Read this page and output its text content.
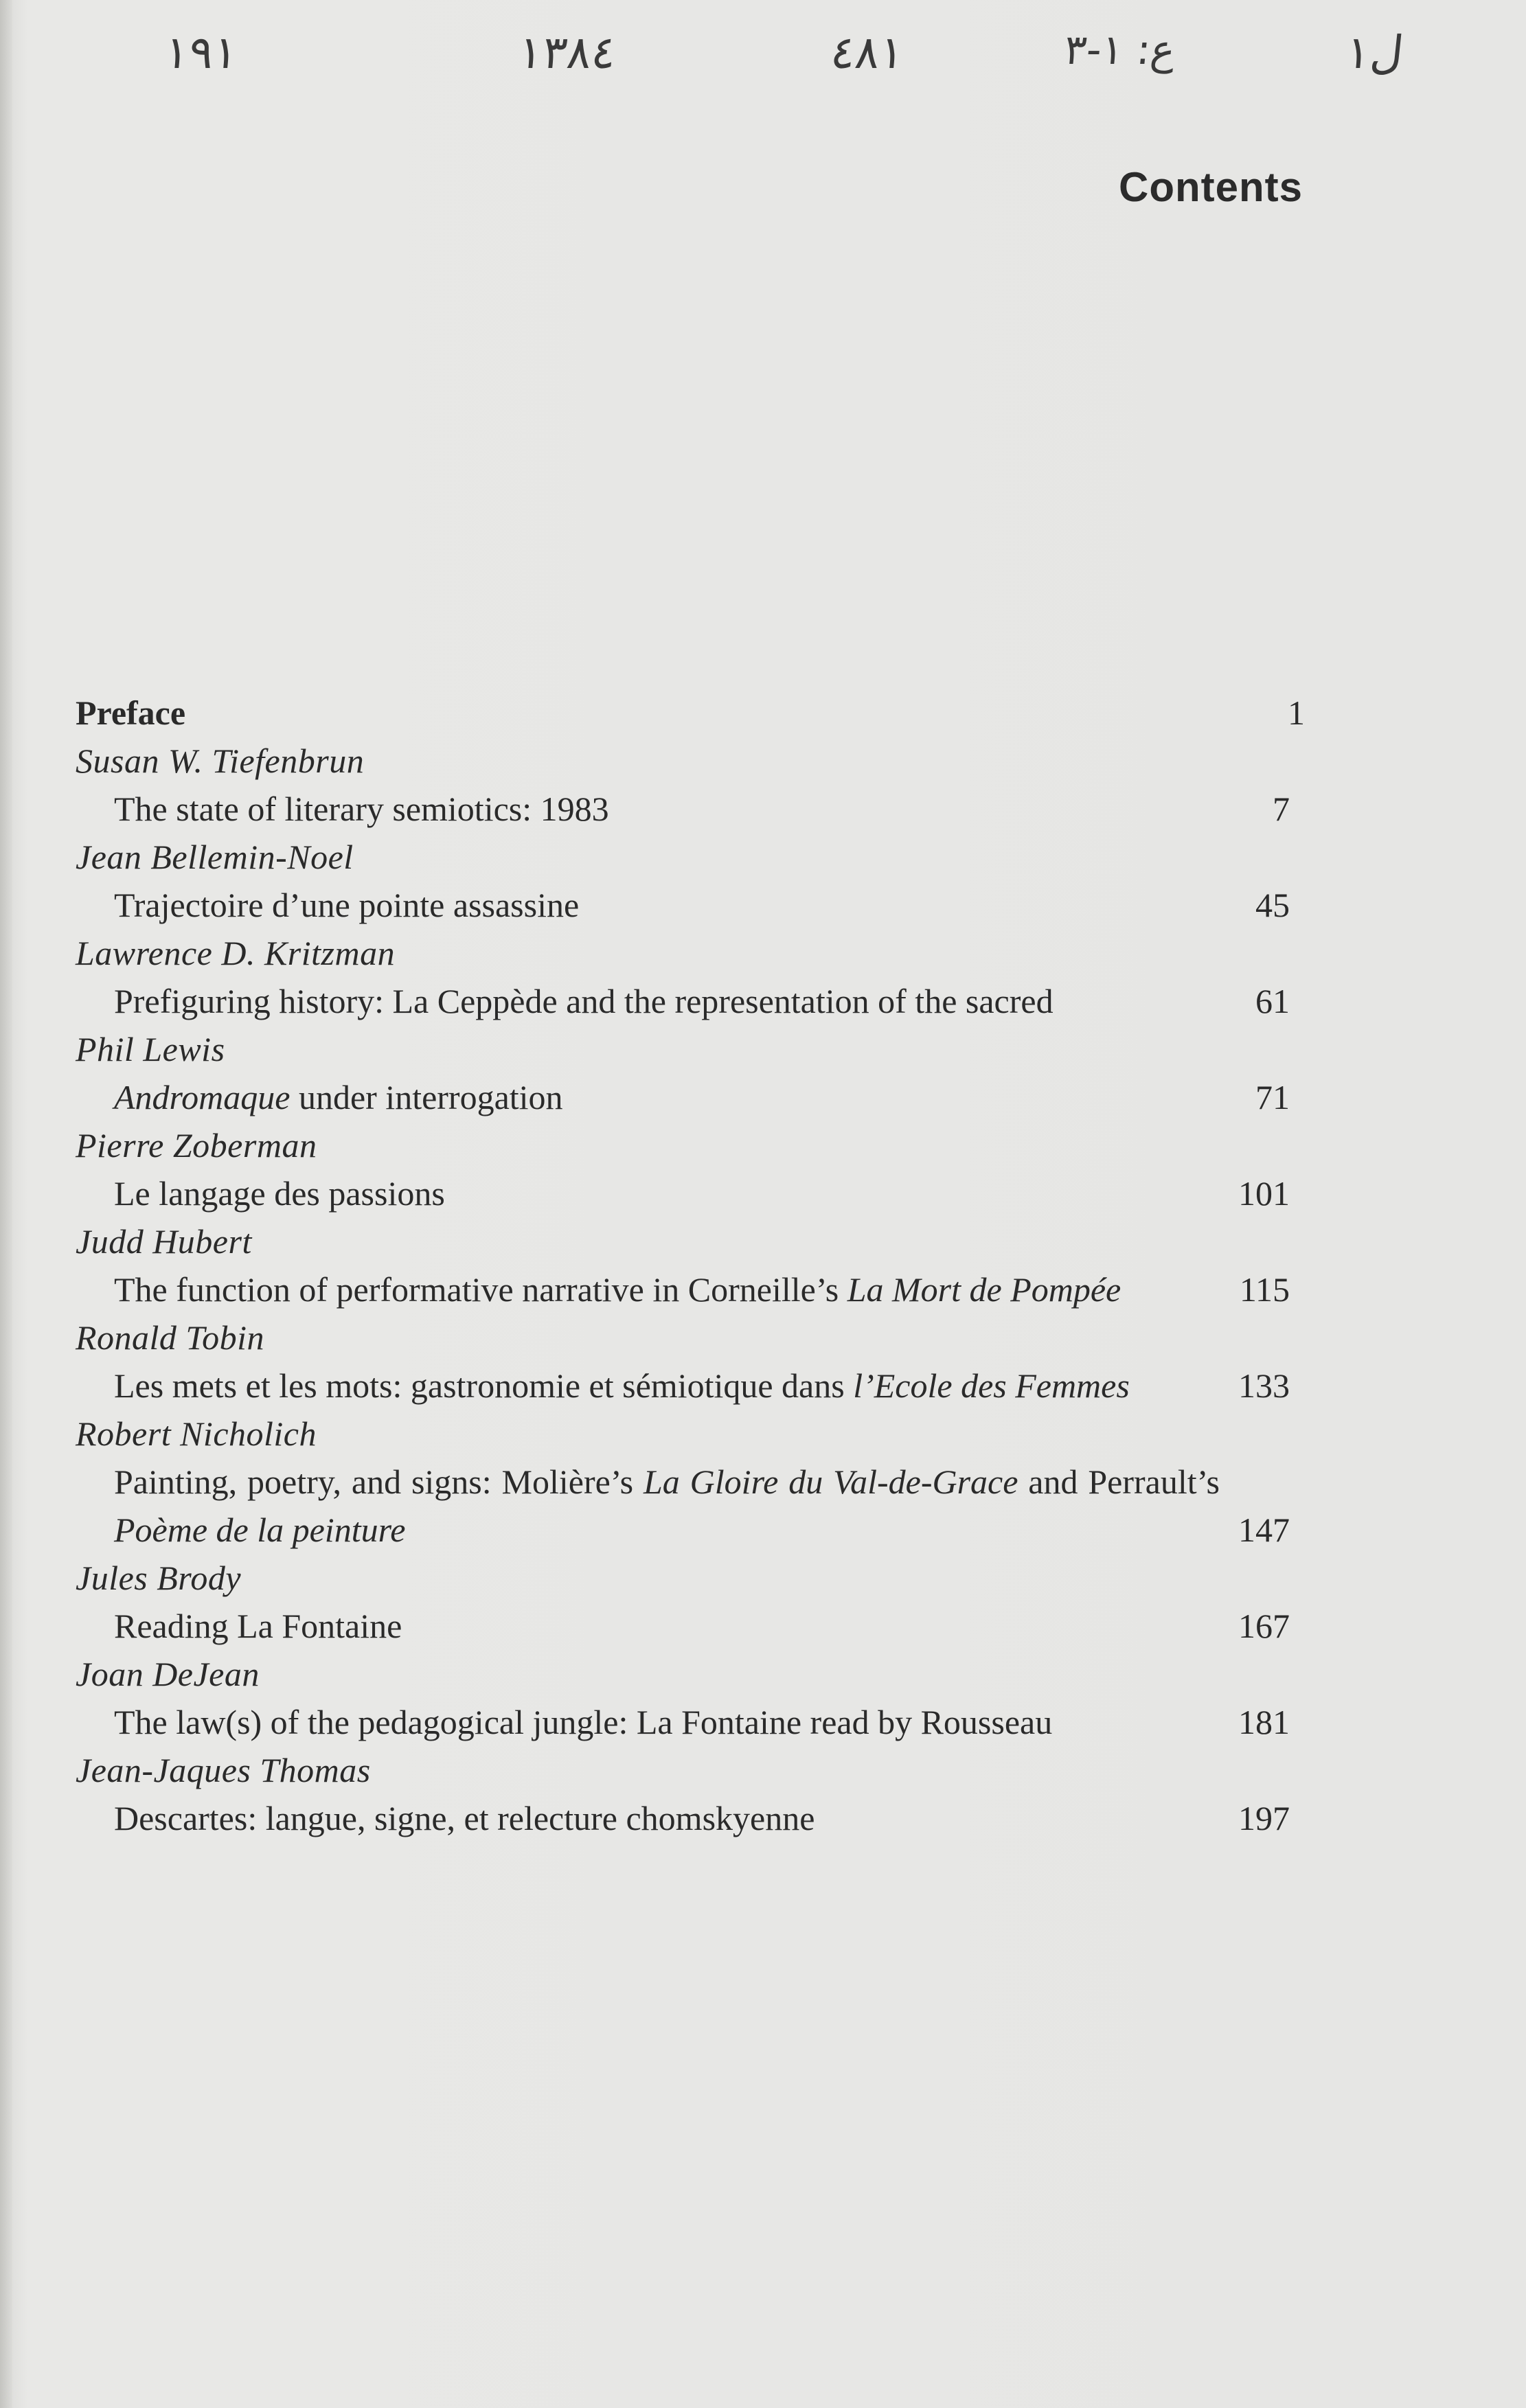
١٩١	١٣٨٤	٤٨١	ع: ١-٣	ل١
Contents
Preface	1
Susan W. Tiefenbrun
The state of literary semiotics: 1983	7
Jean Bellemin-Noel
Trajectoire d’une pointe assassine	45
Lawrence D. Kritzman
Prefiguring history: La Ceppède and the representation of the sacred	61
Phil Lewis
Andromaque under interrogation	71
Pierre Zoberman
Le langage des passions	101
Judd Hubert
The function of performative narrative in Corneille’s La Mort de Pompée	115
Ronald Tobin
Les mets et les mots: gastronomie et sémiotique dans l’Ecole des Femmes	133
Robert Nicholich
Painting, poetry, and signs: Molière’s La Gloire du Val-de-Grace and Perrault’s Poème de la peinture	147
Jules Brody
Reading La Fontaine	167
Joan DeJean
The law(s) of the pedagogical jungle: La Fontaine read by Rousseau	181
Jean-Jaques Thomas
Descartes: langue, signe, et relecture chomskyenne	197
